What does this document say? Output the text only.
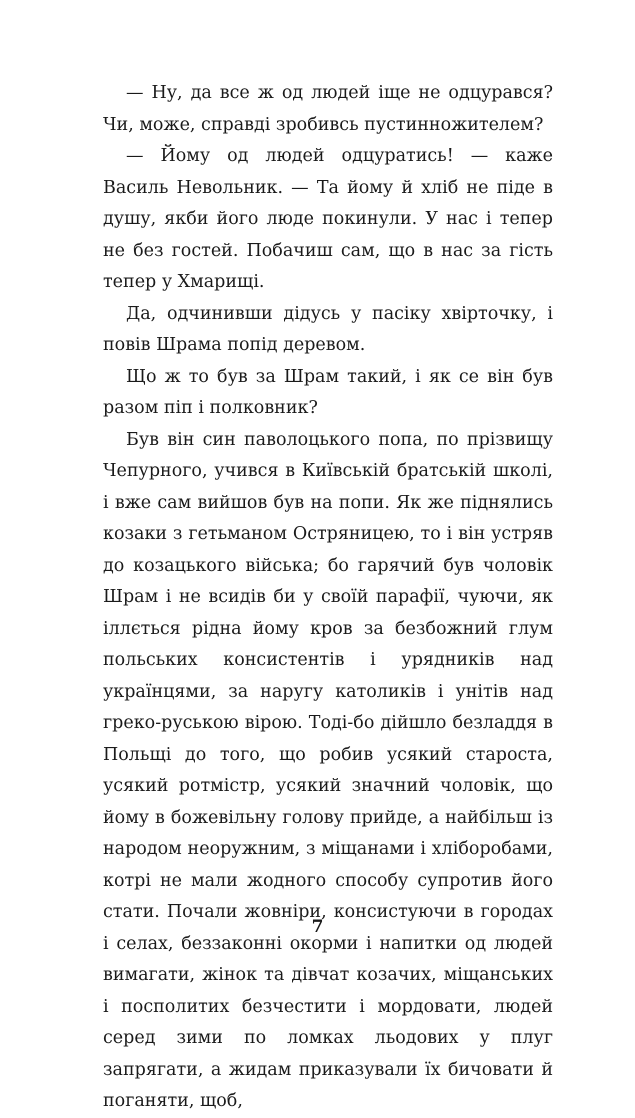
— Ну, да все ж од людей іще не одцурався? Чи, може, справді зробивсь пустинножителем?

— Йому од людей одцуратись! — каже Василь Невольник. — Та йому й хліб не піде в душу, якби його люде покинули. У нас і тепер не без гостей. Побачиш сам, що в нас за гість тепер у Хмарищі.

Да, одчинивши дідусь у пасіку хвірточку, і повів Шрама попід деревом.

Що ж то був за Шрам такий, і як се він був разом піп і полковник?

Був він син паволоцького попа, по прізвищу Чепурного, учився в Київській братській школі, і вже сам вийшов був на попи. Як же піднялись козаки з гетьманом Остряницею, то і він устряв до козацького війська; бо гарячий був чоловік Шрам і не всидів би у своїй парафії, чуючи, як іллється рідна йому кров за безбожний глум польських консистентів і урядників над українцями, за наругу католиків і унітів над греко-руською вірою. Тоді-бо дійшло безладдя в Польщі до того, що робив усякий староста, усякий ротмістр, усякий значний чоловік, що йому в божевільну голову прийде, а найбільш із народом неоружним, з міщанами і хліборобами, котрі не мали жодного способу супротив його стати. Почали жовніри, консистуючи в городах і селах, беззаконні окорми і напитки од людей вимагати, жінок та дівчат козачих, міщанських і посполитих безчестити і мордовати, людей серед зими по ломках льодових у плуг запрягати, а жидам приказували їх бичовати й поганяти, щоб,

7
